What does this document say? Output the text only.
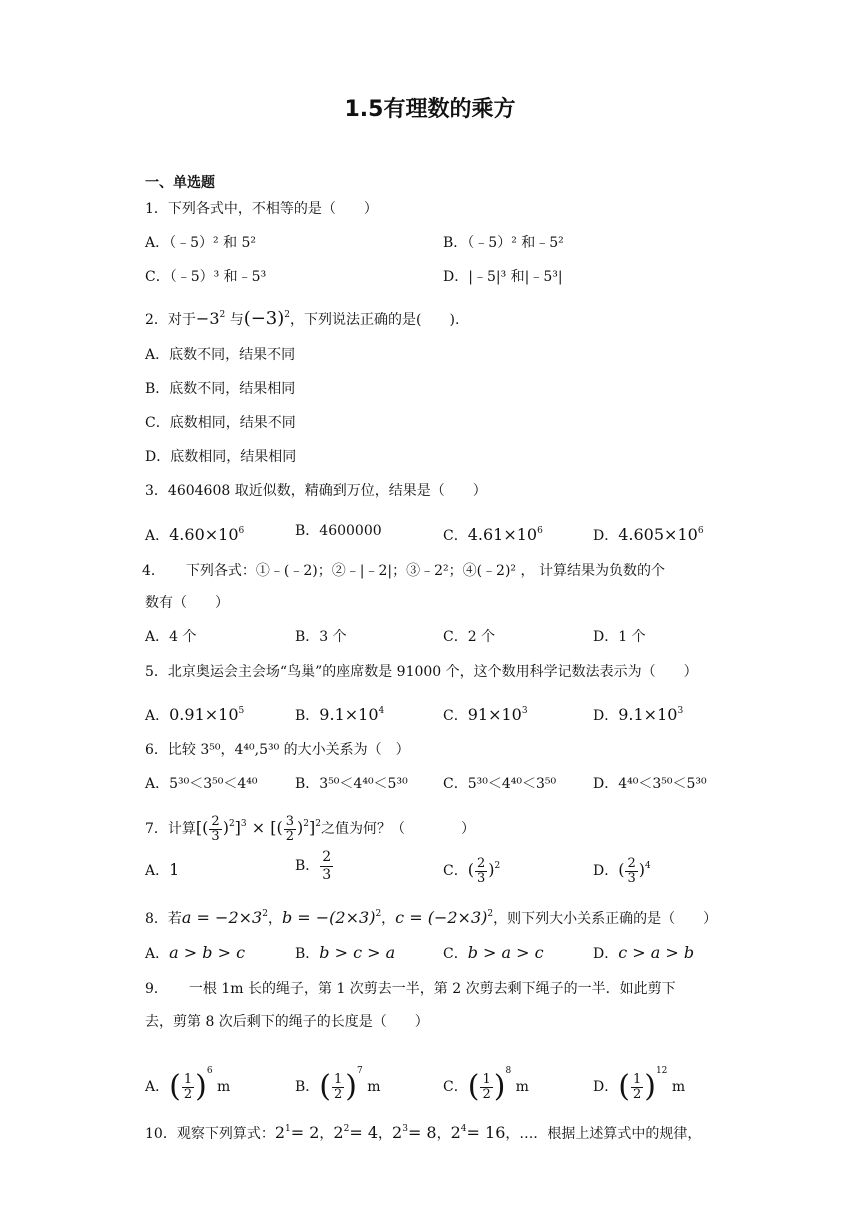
1.5有理数的乘方
一、单选题
1．下列各式中，不相等的是（　　）
A．（﹣5）² 和 5²	B．（﹣5）² 和﹣5²
C．（﹣5）³ 和﹣5³	D．|﹣5|³ 和|﹣5³|
2．对于$-3^2$ 与$(-3)^2$，下列说法正确的是(　　).
A．底数不同，结果不同
B．底数不同，结果相同
C．底数相同，结果不同
D．底数相同，结果相同
3．4604608 取近似数，精确到万位，结果是（　　）
A．$4.60\times 10^6$	B．4600000	C．$4.61\times 10^6$	D．$4.605\times 10^6$
4．　　下列各式：①﹣(﹣2)；②﹣|﹣2|；③﹣2²；④(﹣2)² ， 计算结果为负数的个
数有（　　）
A．4 个	B．3 个	C．2 个	D．1 个
5．北京奥运会主会场“鸟巢”的座席数是 91000 个，这个数用科学记数法表示为（　　）
A．$0.91\times 10^5$	B．$9.1\times 10^4$	C．$91\times 10^3$	D．$9.1\times 10^3$
6．比较 3⁵⁰，4⁴⁰,5³⁰ 的大小关系为（　）
A．5³⁰＜3⁵⁰＜4⁴⁰	B．3⁵⁰＜4⁴⁰＜5³⁰	C．5³⁰＜4⁴⁰＜3⁵⁰	D．4⁴⁰＜3⁵⁰＜5³⁰
7．计算[( $\frac{2}{3} )^2]^3$ × [( $\frac{3}{2} )^2]^2$之值为何？（　　　　）
A．1	B． $\frac{2}{3}$	C．( $\frac{2}{3} )^2$	D．( $\frac{2}{3} )^4$
8．若$a = -2\times 3^2$，$b = -(2\times 3)^2$，$c = (-2\times 3)^2$，则下列大小关系正确的是（　　）
A．a > b > c	B．b > c > a	C．b > a > c	D．c > a > b
9．　　一根 1m 长的绳子，第 1 次剪去一半，第 2 次剪去剩下绳子的一半．如此剪下
去，剪第 8 次后剩下的绳子的长度是（　　）
A．( $\frac{1}{2} )^6$ m	B．( $\frac{1}{2} )^7$ m	C．( $\frac{1}{2} )^8$ m	D．( $\frac{1}{2} )^{12}$ m
10．观察下列算式：$2^1= 2$，$2^2= 4$，$2^3= 8$，$2^4= 16$，…．根据上述算式中的规律，
